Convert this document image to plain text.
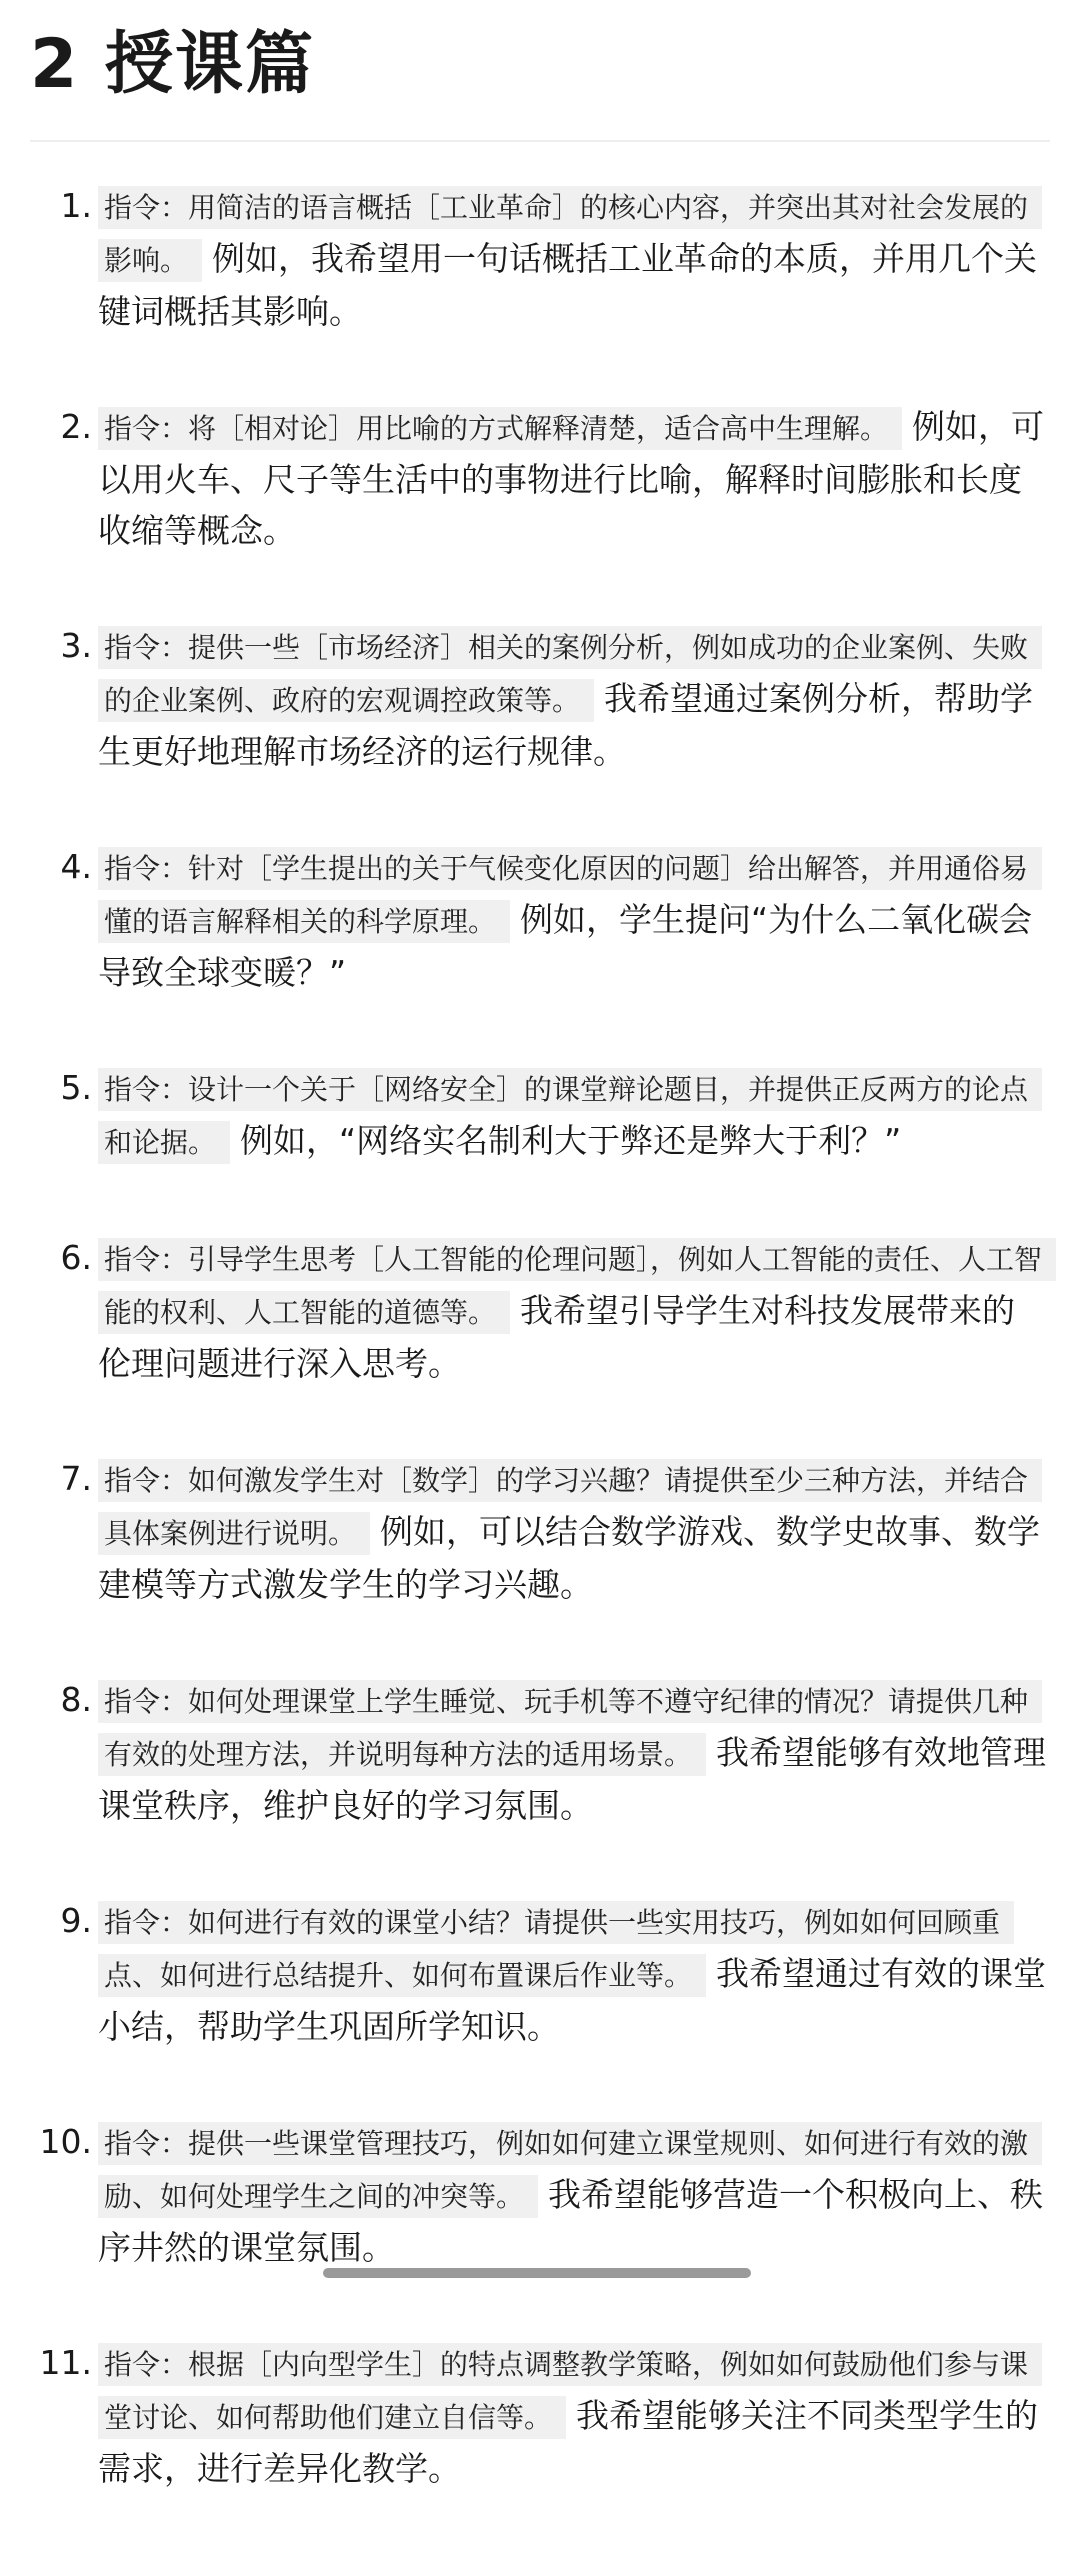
2 授课篇
1. 指令：用简洁的语言概括［工业革命］的核心内容，并突出其对社会发展的影响。 例如，我希望用一句话概括工业革命的本质，并用几个关键词概括其影响。
2. 指令：将［相对论］用比喻的方式解释清楚，适合高中生理解。 例如，可以用火车、尺子等生活中的事物进行比喻，解释时间膨胀和长度收缩等概念。
3. 指令：提供一些［市场经济］相关的案例分析，例如成功的企业案例、失败的企业案例、政府的宏观调控政策等。 我希望通过案例分析，帮助学生更好地理解市场经济的运行规律。
4. 指令：针对［学生提出的关于气候变化原因的问题］给出解答，并用通俗易懂的语言解释相关的科学原理。 例如，学生提问“为什么二氧化碳会导致全球变暖？”
5. 指令：设计一个关于［网络安全］的课堂辩论题目，并提供正反两方的论点和论据。 例如，“网络实名制利大于弊还是弊大于利？”
6. 指令：引导学生思考［人工智能的伦理问题］，例如人工智能的责任、人工智能的权利、人工智能的道德等。 我希望引导学生对科技发展带来的伦理问题进行深入思考。
7. 指令：如何激发学生对［数学］的学习兴趣？请提供至少三种方法，并结合具体案例进行说明。 例如，可以结合数学游戏、数学史故事、数学建模等方式激发学生的学习兴趣。
8. 指令：如何处理课堂上学生睡觉、玩手机等不遵守纪律的情况？请提供几种有效的处理方法，并说明每种方法的适用场景。 我希望能够有效地管理课堂秩序，维护良好的学习氛围。
9. 指令：如何进行有效的课堂小结？请提供一些实用技巧，例如如何回顾重点、如何进行总结提升、如何布置课后作业等。 我希望通过有效的课堂小结，帮助学生巩固所学知识。
10. 指令：提供一些课堂管理技巧，例如如何建立课堂规则、如何进行有效的激励、如何处理学生之间的冲突等。 我希望能够营造一个积极向上、秩序井然的课堂氛围。
11. 指令：根据［内向型学生］的特点调整教学策略，例如如何鼓励他们参与课堂讨论、如何帮助他们建立自信等。 我希望能够关注不同类型学生的需求，进行差异化教学。
